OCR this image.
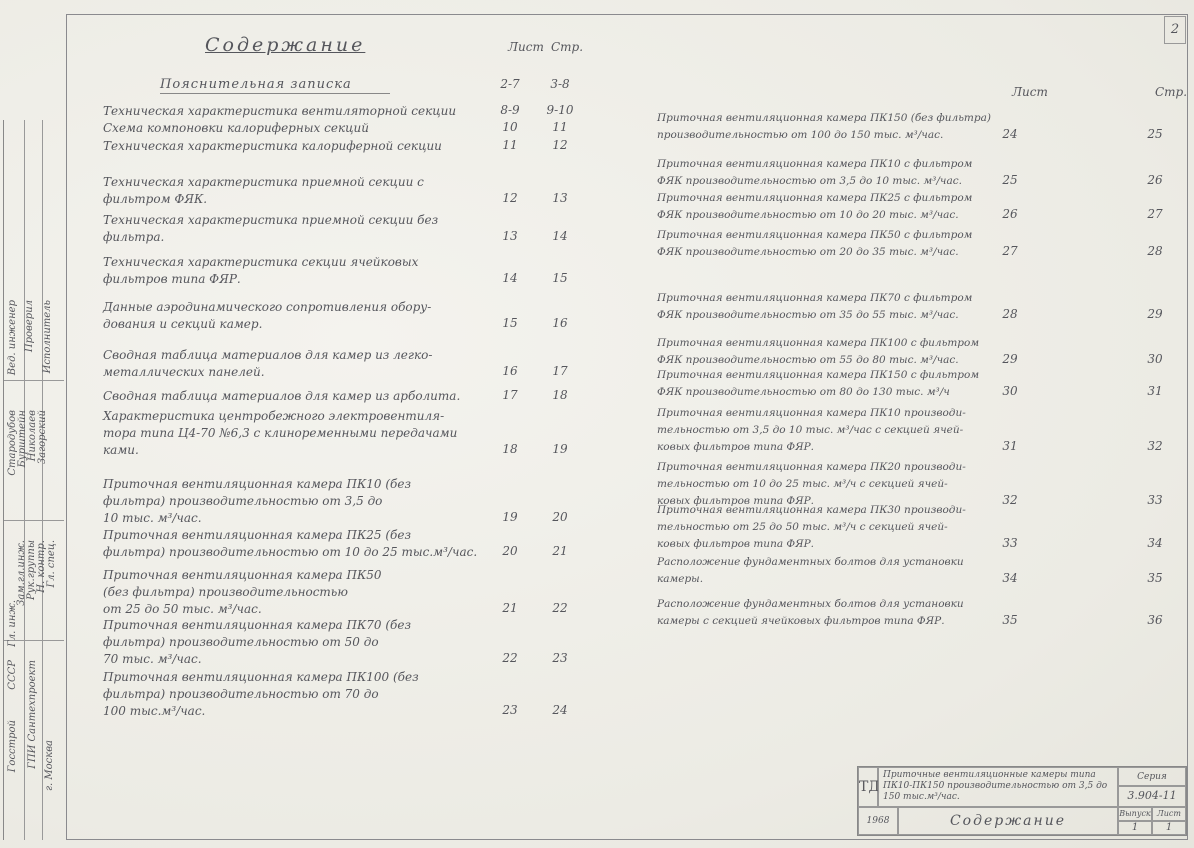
2
Содержание	Лист Стр.
Пояснительная записка	2-7	3-8
Техническая характеристика вентиляторной секции	8-9	9-10
Схема компоновки калориферных секций	10	11
Техническая характеристика калориферной секции	11	12
Техническая характеристика приемной секции с
фильтром ФЯК.	12	13
Техническая характеристика приемной секции без
фильтра.	13	14
Техническая характеристика секции ячейковых
фильтров типа ФЯР.	14	15
Данные аэродинамического сопротивления обору-
дования и секций камер.	15	16
Сводная таблица материалов для камер из легко-
металлических панелей.	16	17
Сводная таблица материалов для камер из арболита.	17	18
Характеристика центробежного электровентиля-
тора типа Ц4-70 №6,3 с клиноременными передачами
ками.	18	19
Приточная вентиляционная камера ПК10 (без
фильтра) производительностью от 3,5 до
10 тыс. м³/час.	19	20
Приточная вентиляционная камера ПК25 (без
фильтра) производительностью от 10 до 25 тыс.м³/час.	20	21
Приточная вентиляционная камера ПК50
(без фильтра) производительностью
от 25 до 50 тыс. м³/час.	21	22
Приточная вентиляционная камера ПК70 (без
фильтра) производительностью от 50 до
70 тыс. м³/час.	22	23
Приточная вентиляционная камера ПК100 (без
фильтра) производительностью от 70 до
100 тыс.м³/час.	23	24
Лист	Стр.
Приточная вентиляционная камера ПК150 (без фильтра)
производительностью от 100 до 150 тыс. м³/час.	24	25
Приточная вентиляционная камера ПК10 с фильтром
ФЯК производительностью от 3,5 до 10 тыс. м³/час.	25	26
Приточная вентиляционная камера ПК25 с фильтром
ФЯК производительностью от 10 до 20 тыс. м³/час.	26	27
Приточная вентиляционная камера ПК50 с фильтром
ФЯК производительностью от 20 до 35 тыс. м³/час.	27	28
Приточная вентиляционная камера ПК70 с фильтром
ФЯК производительностью от 35 до 55 тыс. м³/час.	28	29
Приточная вентиляционная камера ПК100 с фильтром
ФЯК производительностью от 55 до 80 тыс. м³/час.	29	30
Приточная вентиляционная камера ПК150 с фильтром
ФЯК производительностью от 80 до 130 тыс. м³/ч	30	31
Приточная вентиляционная камера ПК10 производи-
тельностью от 3,5 до 10 тыс. м³/час с секцией ячей-
ковых фильтров типа ФЯР.	31	32
Приточная вентиляционная камера ПК20 производи-
тельностью от 10 до 25 тыс. м³/ч с секцией ячей-
ковых фильтров типа ФЯР.	32	33
Приточная вентиляционная камера ПК30 производи-
тельностью от 25 до 50 тыс. м³/ч с секцией ячей-
ковых фильтров типа ФЯР.	33	34
Расположение фундаментных болтов для установки
камеры.	34	35
Расположение фундаментных болтов для установки
камеры с секцией ячейковых фильтров типа ФЯР.	35	36
Госстрой
СССР ГПИ Сантехпроект г. Москва
Гл. инж.
Зам.гл.инж. Рук.группы Н. контр. Гл. спец.
Стародубов Бурштейн Николаев Загорский
Вед. инженер Проверил Исполнитель
ТД
Приточные вентиляционные камеры типа ПК10-ПК150 производительностью от 3,5 до 150 тыс.м³/час.
Серия
3.904-11
1968	Содержание	Выпуск Лист
1	1
